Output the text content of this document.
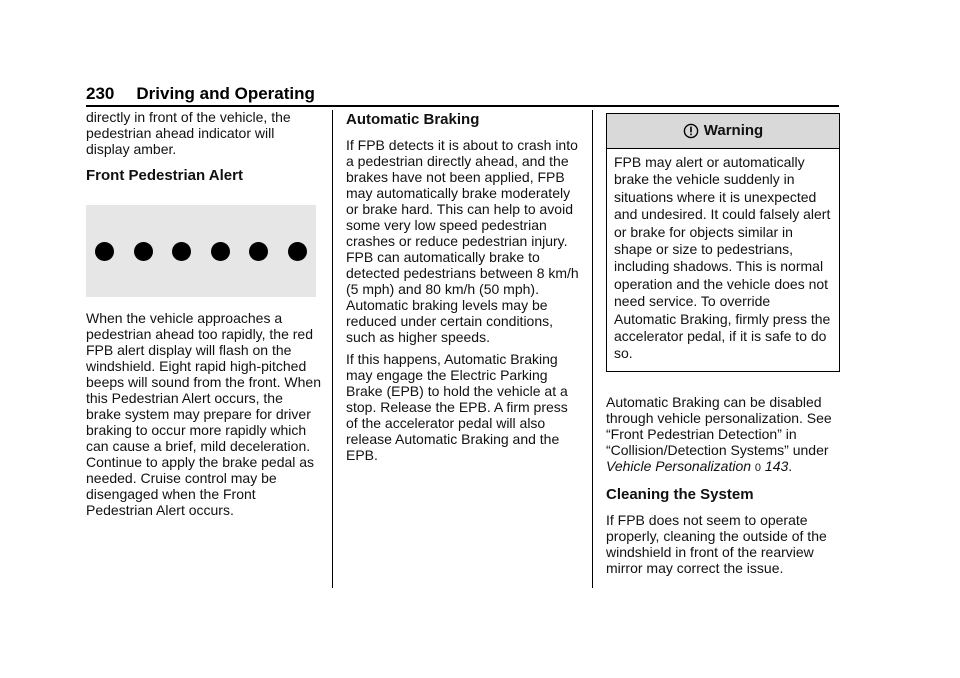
230 Driving and Operating

directly in front of the vehicle, the pedestrian ahead indicator will display amber.

Front Pedestrian Alert

When the vehicle approaches a pedestrian ahead too rapidly, the red FPB alert display will flash on the windshield. Eight rapid high-pitched beeps will sound from the front. When this Pedestrian Alert occurs, the brake system may prepare for driver braking to occur more rapidly which can cause a brief, mild deceleration. Continue to apply the brake pedal as needed. Cruise control may be disengaged when the Front Pedestrian Alert occurs.

Automatic Braking

If FPB detects it is about to crash into a pedestrian directly ahead, and the brakes have not been applied, FPB may automatically brake moderately or brake hard. This can help to avoid some very low speed pedestrian crashes or reduce pedestrian injury. FPB can automatically brake to detected pedestrians between 8 km/h (5 mph) and 80 km/h (50 mph). Automatic braking levels may be reduced under certain conditions, such as higher speeds.

If this happens, Automatic Braking may engage the Electric Parking Brake (EPB) to hold the vehicle at a stop. Release the EPB. A firm press of the accelerator pedal will also release Automatic Braking and the EPB.

Warning
FPB may alert or automatically brake the vehicle suddenly in situations where it is unexpected and undesired. It could falsely alert or brake for objects similar in shape or size to pedestrians, including shadows. This is normal operation and the vehicle does not need service. To override Automatic Braking, firmly press the accelerator pedal, if it is safe to do so.

Automatic Braking can be disabled through vehicle personalization. See “Front Pedestrian Detection” in “Collision/Detection Systems” under Vehicle Personalization 0 143.

Cleaning the System

If FPB does not seem to operate properly, cleaning the outside of the windshield in front of the rearview mirror may correct the issue.
